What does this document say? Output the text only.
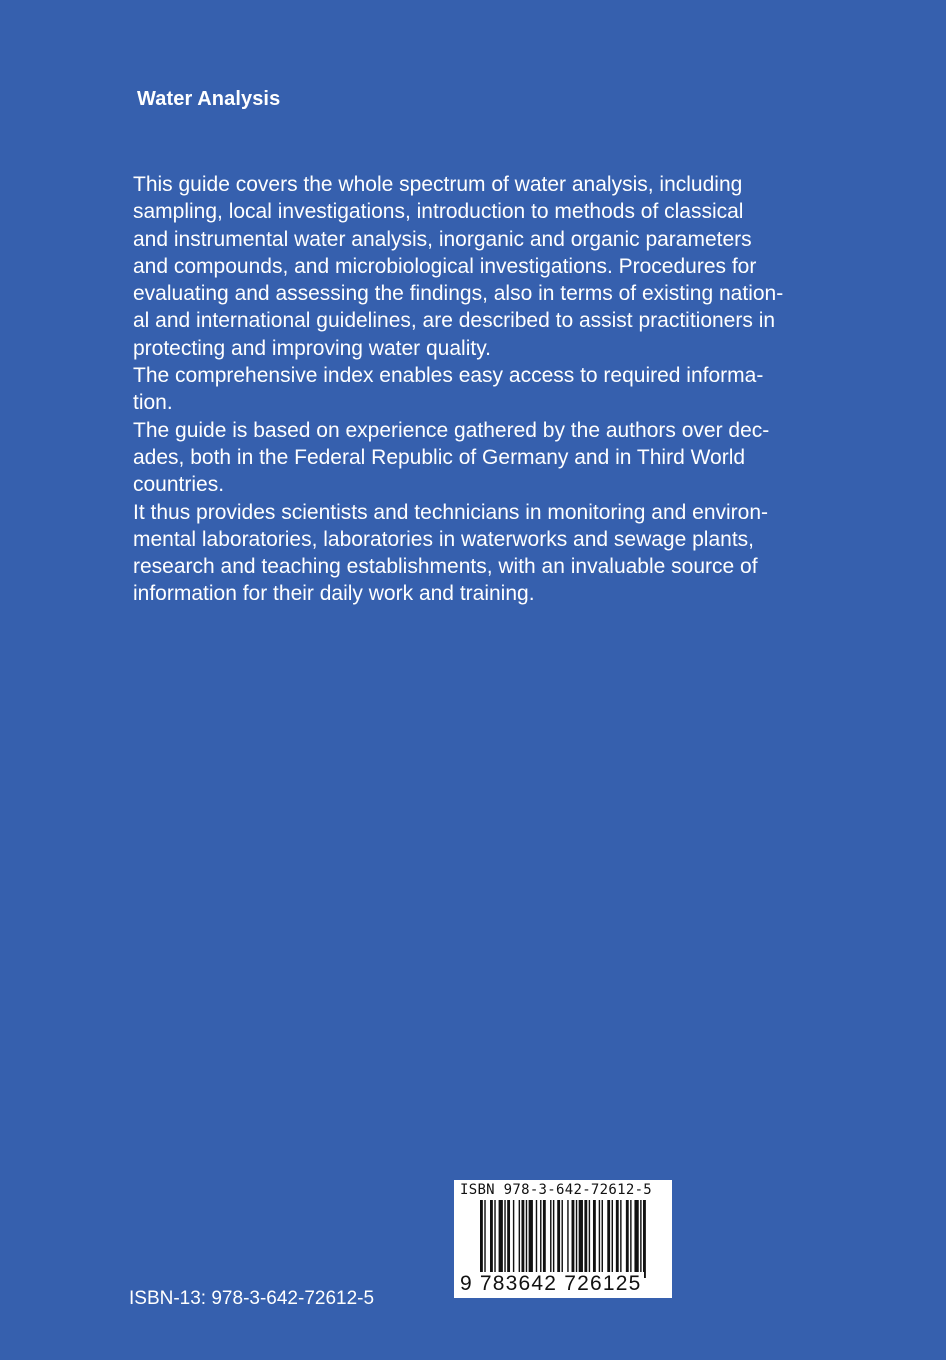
Water Analysis
This guide covers the whole spectrum of water analysis, including
sampling, local investigations, introduction to methods of classical
and instrumental water analysis, inorganic and organic parameters
and compounds, and microbiological investigations. Procedures for
evaluating and assessing the findings, also in terms of existing nation-
al and international guidelines, are described to assist practitioners in
protecting and improving water quality.
The comprehensive index enables easy access to required informa-
tion.
The guide is based on experience gathered by the authors over dec-
ades, both in the Federal Republic of Germany and in Third World
countries.
It thus provides scientists and technicians in monitoring and environ-
mental laboratories, laboratories in waterworks and sewage plants,
research and teaching establishments, with an invaluable source of
information for their daily work and training.
ISBN 978-3-642-72612-5
9 783642 726125
ISBN-13: 978-3-642-72612-5
